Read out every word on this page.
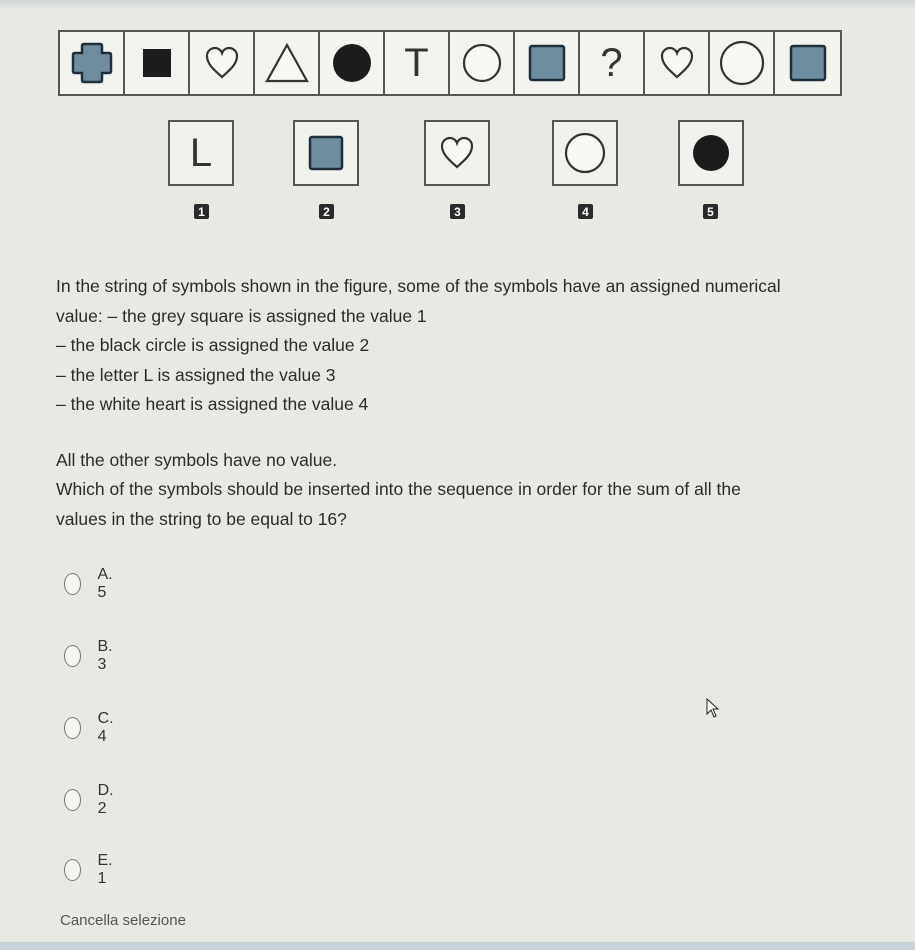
T	?
L
1	2	3	4	5

In the string of symbols shown in the figure, some of the symbols have an assigned numerical

value: – the grey square is assigned the value 1

– the black circle is assigned the value 2

– the letter L is assigned the value 3

– the white heart is assigned the value 4

All the other symbols have no value.

Which of the symbols should be inserted into the sequence in order for the sum of all the

values in the string to be equal to 16?

A. 5
B. 3
C. 4
D. 2
E. 1
Cancella selezione
